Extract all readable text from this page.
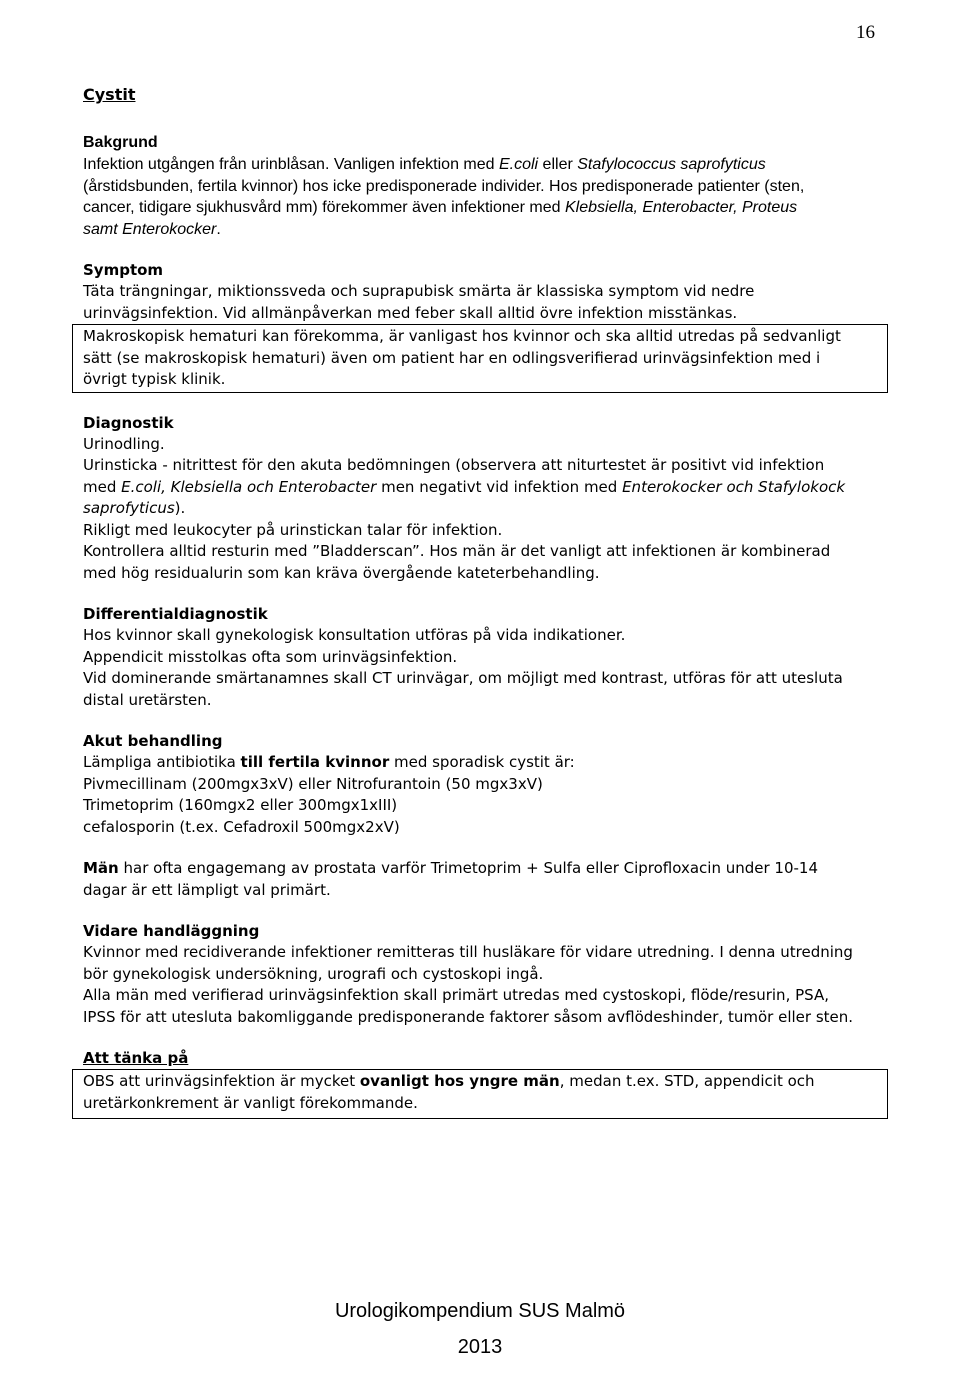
16

Cystit

Bakgrund

Infektion utgången från urinblåsan. Vanligen infektion med E.coli eller Stafylococcus saprofyticus

(årstidsbunden, fertila kvinnor) hos icke predisponerade individer. Hos predisponerade patienter (sten,

cancer, tidigare sjukhusvård mm) förekommer även infektioner med Klebsiella, Enterobacter, Proteus

samt Enterokocker.

Symptom

Täta trängningar, miktionssveda och suprapubisk smärta är klassiska symptom vid nedre

urinvägsinfektion. Vid allmänpåverkan med feber skall alltid övre infektion misstänkas.

Makroskopisk hematuri kan förekomma, är vanligast hos kvinnor och ska alltid utredas på sedvanligt

sätt (se makroskopisk hematuri) även om patient har en odlingsverifierad urinvägsinfektion med i

övrigt typisk klinik.

Diagnostik

Urinodling.

Urinsticka - nitrittest för den akuta bedömningen (observera att niturtestet är positivt vid infektion

med E.coli, Klebsiella och Enterobacter men negativt vid infektion med Enterokocker och Stafylokock

saprofyticus).

Rikligt med leukocyter på urinstickan talar för infektion.

Kontrollera alltid resturin med ”Bladderscan”. Hos män är det vanligt att infektionen är kombinerad

med hög residualurin som kan kräva övergående kateterbehandling.

Differentialdiagnostik

Hos kvinnor skall gynekologisk konsultation utföras på vida indikationer.

Appendicit misstolkas ofta som urinvägsinfektion.

Vid dominerande smärtanamnes skall CT urinvägar, om möjligt med kontrast, utföras för att utesluta

distal uretärsten.

Akut behandling

Lämpliga antibiotika till fertila kvinnor med sporadisk cystit är:

Pivmecillinam (200mgx3xV) eller Nitrofurantoin (50 mgx3xV)

Trimetoprim (160mgx2 eller 300mgx1xIII)

cefalosporin (t.ex. Cefadroxil 500mgx2xV)

Män har ofta engagemang av prostata varför Trimetoprim + Sulfa eller Ciprofloxacin under 10-14

dagar är ett lämpligt val primärt.

Vidare handläggning

Kvinnor med recidiverande infektioner remitteras till husläkare för vidare utredning. I denna utredning

bör gynekologisk undersökning, urografi och cystoskopi ingå.

Alla män med verifierad urinvägsinfektion skall primärt utredas med cystoskopi, flöde/resurin, PSA,

IPSS för att utesluta bakomliggande predisponerande faktorer såsom avflödeshinder, tumör eller sten.

Att tänka på

OBS att urinvägsinfektion är mycket ovanligt hos yngre män, medan t.ex. STD, appendicit och

uretärkonkrement är vanligt förekommande.

Urologikompendium SUS Malmö
2013
